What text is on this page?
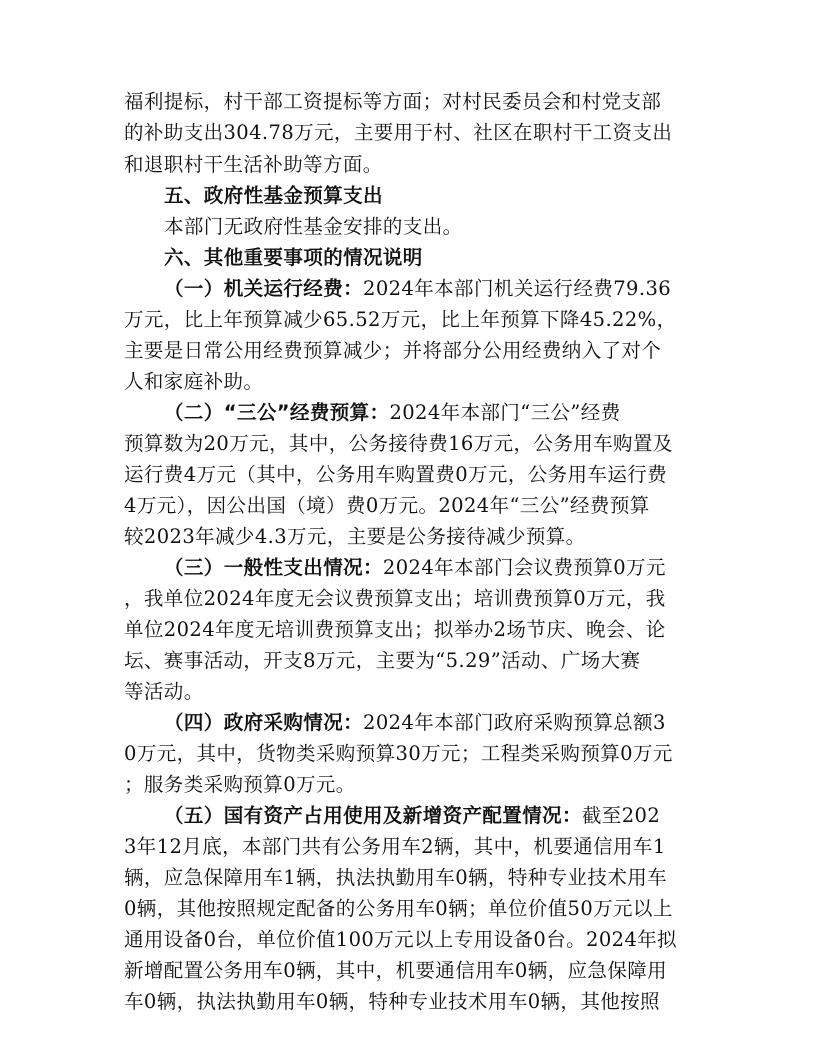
福利提标，村干部工资提标等方面；对村民委员会和村党支部
的补助支出304.78万元，主要用于村、社区在职村干工资支出
和退职村干生活补助等方面。
五、政府性基金预算支出
本部门无政府性基金安排的支出。
六、其他重要事项的情况说明
（一）机关运行经费：2024年本部门机关运行经费79.36
万元，比上年预算减少65.52万元，比上年预算下降45.22%，
主要是日常公用经费预算减少；并将部分公用经费纳入了对个
人和家庭补助。
（二）“三公”经费预算：2024年本部门“三公”经费
预算数为20万元，其中，公务接待费16万元，公务用车购置及
运行费4万元（其中，公务用车购置费0万元，公务用车运行费
4万元），因公出国（境）费0万元。2024年“三公”经费预算
较2023年减少4.3万元，主要是公务接待减少预算。
（三）一般性支出情况：2024年本部门会议费预算0万元
，我单位2024年度无会议费预算支出；培训费预算0万元，我
单位2024年度无培训费预算支出；拟举办2场节庆、晚会、论
坛、赛事活动，开支8万元，主要为“5.29”活动、广场大赛
等活动。
（四）政府采购情况：2024年本部门政府采购预算总额3
0万元，其中，货物类采购预算30万元；工程类采购预算0万元
；服务类采购预算0万元。
（五）国有资产占用使用及新增资产配置情况：截至202
3年12月底，本部门共有公务用车2辆，其中，机要通信用车1
辆，应急保障用车1辆，执法执勤用车0辆，特种专业技术用车
0辆，其他按照规定配备的公务用车0辆；单位价值50万元以上
通用设备0台，单位价值100万元以上专用设备0台。2024年拟
新增配置公务用车0辆，其中，机要通信用车0辆，应急保障用
车0辆，执法执勤用车0辆，特种专业技术用车0辆，其他按照
